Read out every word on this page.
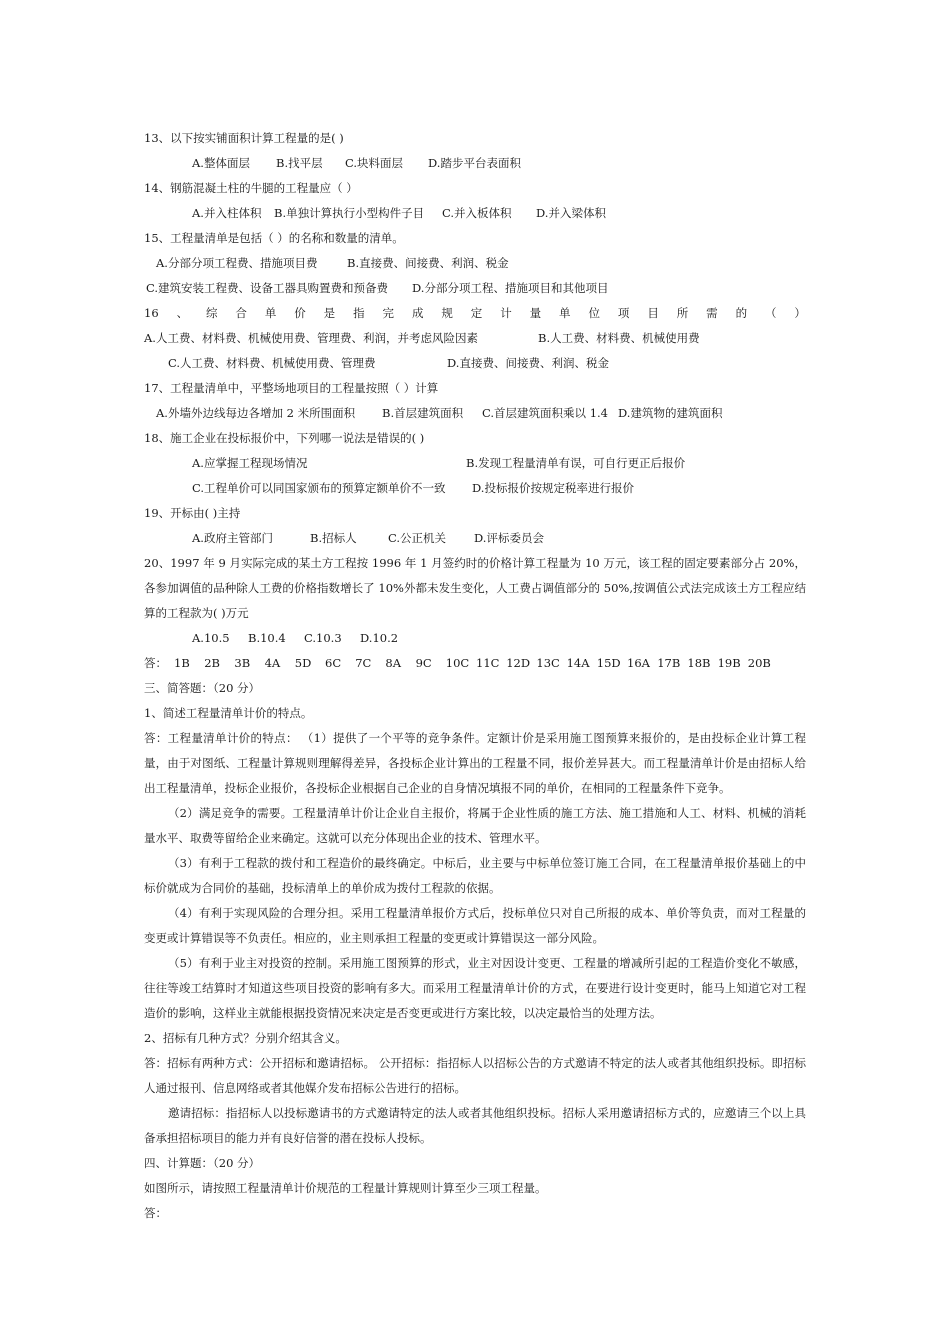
13、以下按实铺面积计算工程量的是( )
A.整体面层 B.找平层 C.块料面层 D.踏步平台表面积
14、钢筋混凝土柱的牛腿的工程量应（ ）
A.并入柱体积 B.单独计算执行小型构件子目 C.并入板体积 D.并入梁体积
15、工程量清单是包括（ ）的名称和数量的清单。
A.分部分项工程费、措施项目费	B.直接费、间接费、利润、税金
C.建筑安装工程费、设备工器具购置费和预备费 D.分部分项工程、措施项目和其他项目
16 、 综 合 单 价 是 指 完 成 规 定 计 量 单 位 项 目 所 需 的 （ ）
A.人工费、材料费、机械使用费、管理费、利润，并考虑风险因素	B.人工费、材料费、机械使用费
C.人工费、材料费、机械使用费、管理费	D.直接费、间接费、利润、税金
17、工程量清单中，平整场地项目的工程量按照（ ）计算
A.外墙外边线每边各增加 2 米所围面积 B.首层建筑面积 C.首层建筑面积乘以 1.4 D.建筑物的建筑面积
18、施工企业在投标报价中，下列哪一说法是错误的( )
A.应掌握工程现场情况	B.发现工程量清单有误，可自行更正后报价
C.工程单价可以同国家颁布的预算定额单价不一致 D.投标报价按规定税率进行报价
19、开标由( )主持
A.政府主管部门	B.招标人	C.公正机关 D.评标委员会
20、1997 年 9 月实际完成的某土方工程按 1996 年 1 月签约时的价格计算工程量为 10 万元，该工程的固定要素部分占 20%，各参加调值的品种除人工费的价格指数增长了 10%外都未发生变化，人工费占调值部分的 50%,按调值公式法完成该土方工程应结算的工程款为( )万元
A.10.5 B.10.4 C.10.3 D.10.2
答： 1B 2B 3B 4A 5D 6C 7C 8A 9C 10C 11C 12D 13C 14A 15D 16A 17B 18B 19B 20B
三、简答题：（20 分）
1、简述工程量清单计价的特点。
答：工程量清单计价的特点： （1）提供了一个平等的竞争条件。定额计价是采用施工图预算来报价的，是由投标企业计算工程量，由于对图纸、工程量计算规则理解得差异，各投标企业计算出的工程量不同，报价差异甚大。而工程量清单计价是由招标人给出工程量清单，投标企业报价，各投标企业根据自己企业的自身情况填报不同的单价，在相同的工程量条件下竞争。
（2）满足竞争的需要。工程量清单计价让企业自主报价，将属于企业性质的施工方法、施工措施和人工、材料、机械的消耗量水平、取费等留给企业来确定。这就可以充分体现出企业的技术、管理水平。
（3）有利于工程款的拨付和工程造价的最终确定。中标后，业主要与中标单位签订施工合同，在工程量清单报价基础上的中标价就成为合同价的基础，投标清单上的单价成为拨付工程款的依据。
（4）有利于实现风险的合理分担。采用工程量清单报价方式后，投标单位只对自己所报的成本、单价等负责，而对工程量的变更或计算错误等不负责任。相应的，业主则承担工程量的变更或计算错误这一部分风险。
（5）有利于业主对投资的控制。采用施工图预算的形式，业主对因设计变更、工程量的增减所引起的工程造价变化不敏感，往往等竣工结算时才知道这些项目投资的影响有多大。而采用工程量清单计价的方式，在要进行设计变更时，能马上知道它对工程造价的影响，这样业主就能根据投资情况来决定是否变更或进行方案比较，以决定最恰当的处理方法。
2、招标有几种方式？分别介绍其含义。
答：招标有两种方式：公开招标和邀请招标。 公开招标：指招标人以招标公告的方式邀请不特定的法人或者其他组织投标。即招标人通过报刊、信息网络或者其他媒介发布招标公告进行的招标。
邀请招标：指招标人以投标邀请书的方式邀请特定的法人或者其他组织投标。招标人采用邀请招标方式的，应邀请三个以上具备承担招标项目的能力并有良好信誉的潜在投标人投标。
四、计算题：（20 分）
如图所示，请按照工程量清单计价规范的工程量计算规则计算至少三项工程量。
答：
